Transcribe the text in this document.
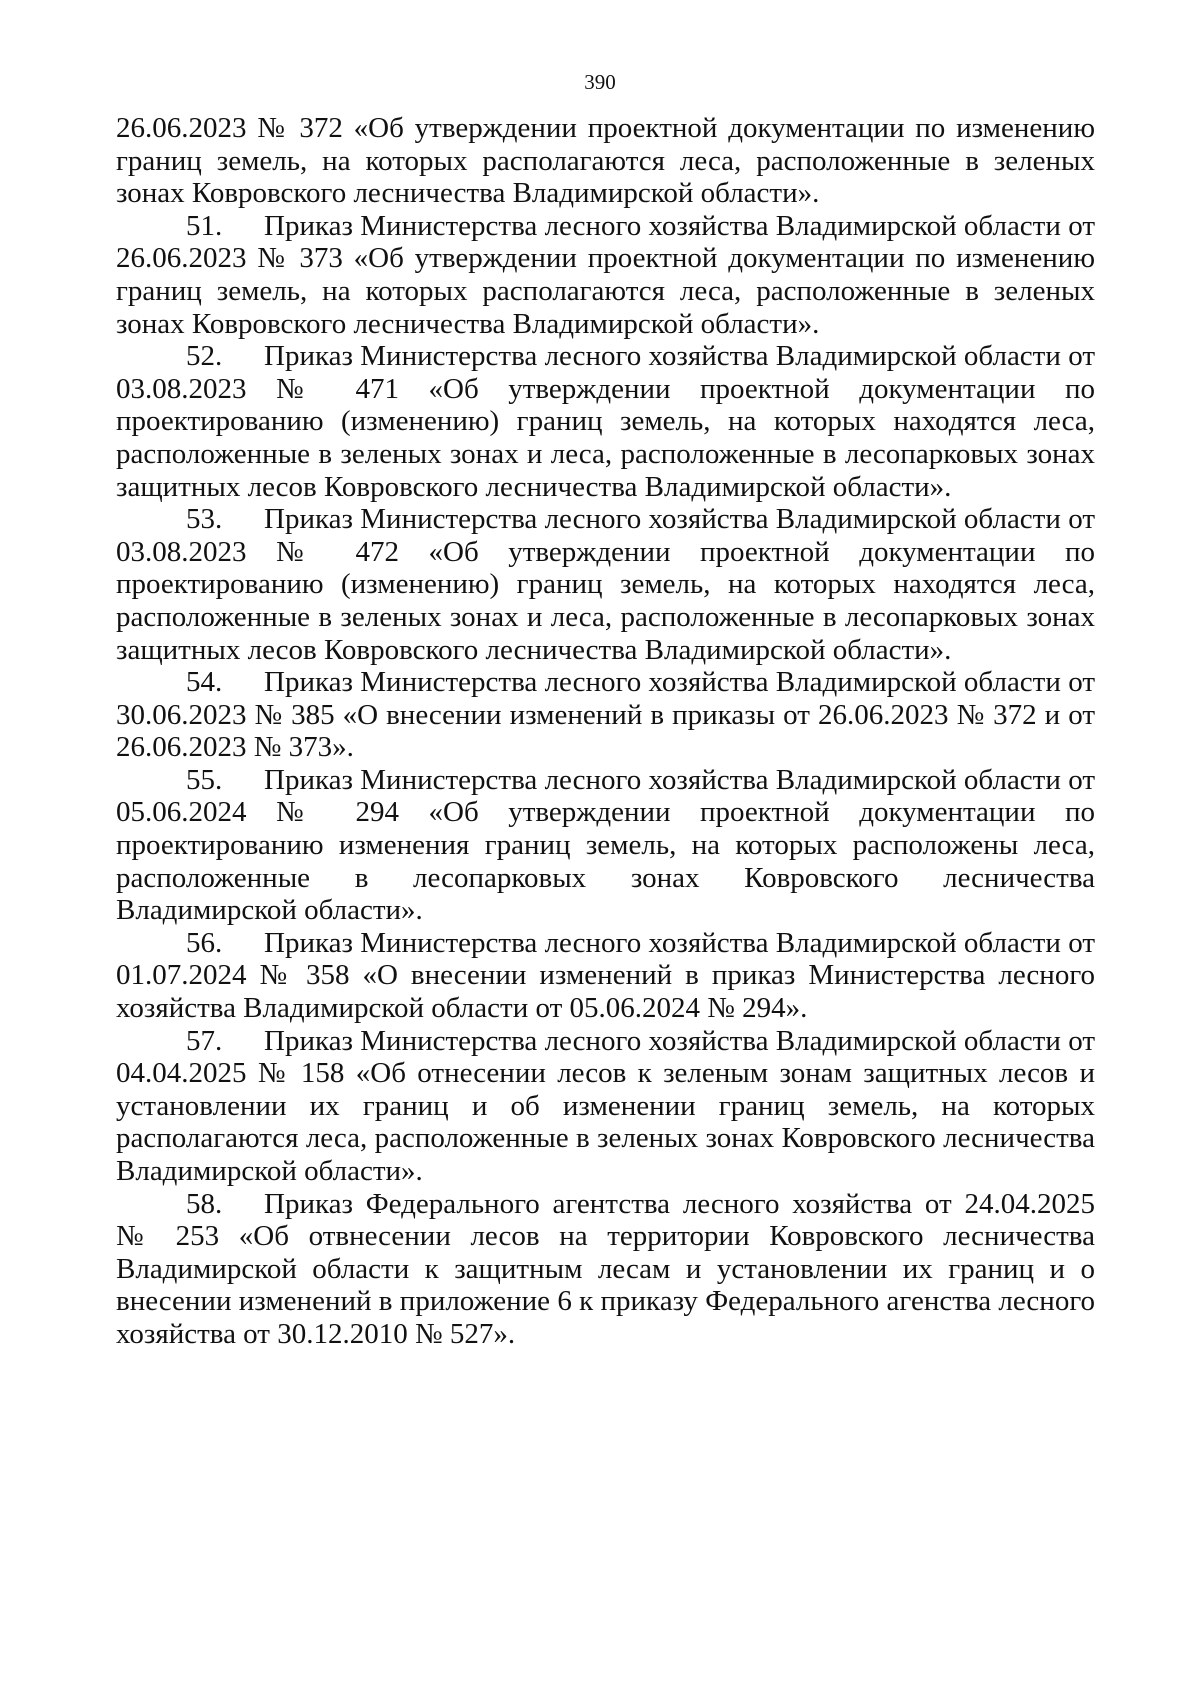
390

26.06.2023 № 372 «Об утверждении проектной документации по изменению границ земель, на которых располагаются леса, расположенные в зеленых зонах Ковровского лесничества Владимирской области».

51. Приказ Министерства лесного хозяйства Владимирской области от 26.06.2023 № 373 «Об утверждении проектной документации по изменению границ земель, на которых располагаются леса, расположенные в зеленых зонах Ковровского лесничества Владимирской области».

52. Приказ Министерства лесного хозяйства Владимирской области от 03.08.2023 № 471 «Об утверждении проектной документации по проектированию (изменению) границ земель, на которых находятся леса, расположенные в зеленых зонах и леса, расположенные в лесопарковых зонах защитных лесов Ковровского лесничества Владимирской области».

53. Приказ Министерства лесного хозяйства Владимирской области от 03.08.2023 № 472 «Об утверждении проектной документации по проектированию (изменению) границ земель, на которых находятся леса, расположенные в зеленых зонах и леса, расположенные в лесопарковых зонах защитных лесов Ковровского лесничества Владимирской области».

54. Приказ Министерства лесного хозяйства Владимирской области от 30.06.2023 № 385 «О внесении изменений в приказы от 26.06.2023 № 372 и от 26.06.2023 № 373».

55. Приказ Министерства лесного хозяйства Владимирской области от 05.06.2024 № 294 «Об утверждении проектной документации по проектированию изменения границ земель, на которых расположены леса, расположенные в лесопарковых зонах Ковровского лесничества Владимирской области».

56. Приказ Министерства лесного хозяйства Владимирской области от 01.07.2024 № 358 «О внесении изменений в приказ Министерства лесного хозяйства Владимирской области от 05.06.2024 № 294».

57. Приказ Министерства лесного хозяйства Владимирской области от 04.04.2025 № 158 «Об отнесении лесов к зеленым зонам защитных лесов и установлении их границ и об изменении границ земель, на которых располагаются леса, расположенные в зеленых зонах Ковровского лесничества Владимирской области».

58. Приказ Федерального агентства лесного хозяйства от 24.04.2025 № 253 «Об отвнесении лесов на территории Ковровского лесничества Владимирской области к защитным лесам и установлении их границ и о внесении изменений в приложение 6 к приказу Федерального агенства лесного хозяйства от 30.12.2010 № 527».
